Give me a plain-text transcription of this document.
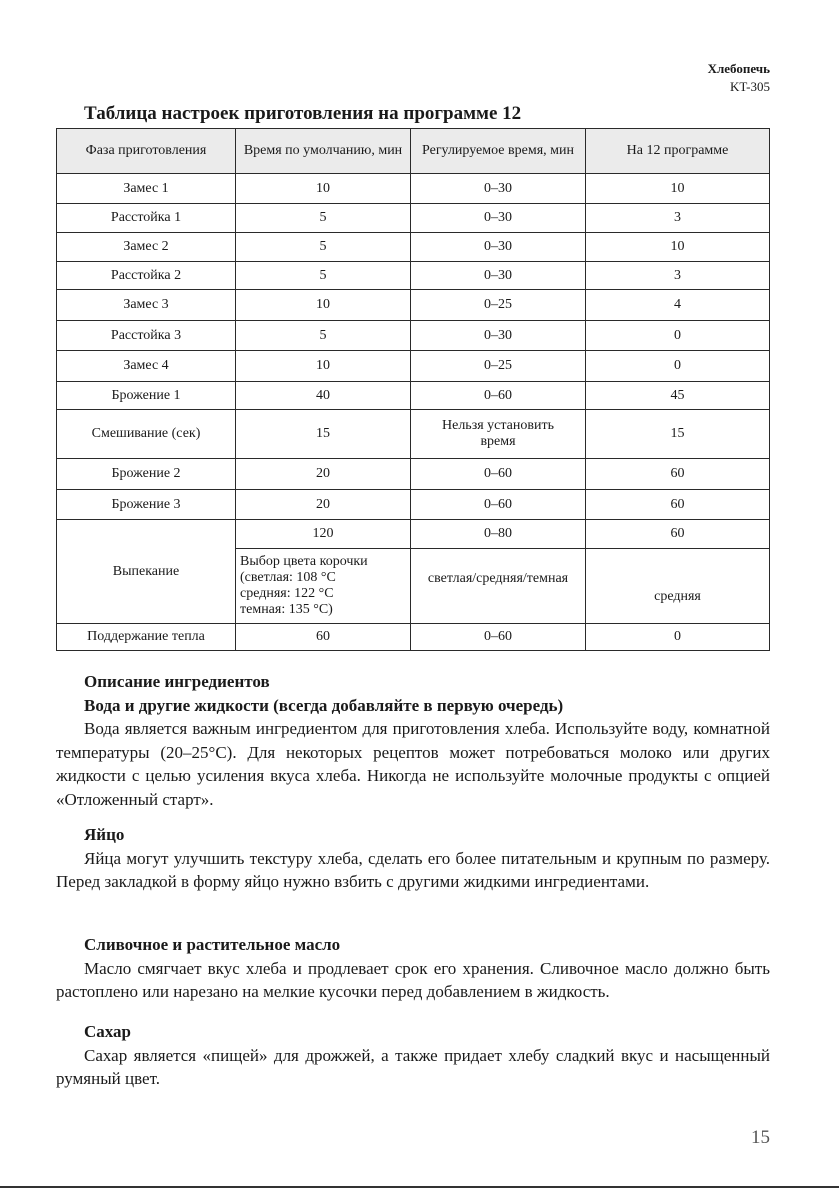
Хлебопечь
KT-305
Таблица настроек приготовления на программе 12
Фаза приготовления	Время по умолчанию, мин	Регулируемое время, мин	На 12 программе
Замес 1	10	0–30	10
Расстойка 1	5	0–30	3
Замес 2	5	0–30	10
Расстойка 2	5	0–30	3
Замес 3	10	0–25	4
Расстойка 3	5	0–30	0
Замес 4	10	0–25	0
Брожение 1	40	0–60	45
Смешивание (сек)	15	Нельзя установить время	15
Брожение 2	20	0–60	60
Брожение 3	20	0–60	60
Выпекание	120	0–80	60

	Выбор цвета корочки
(светлая: 108 °С
средняя: 122 °С
темная: 135 °С)	светлая/средняя/темная	средняя
Поддержание тепла	60	0–60	0
Описание ингредиентов
Вода и другие жидкости (всегда добавляйте в первую очередь)

Вода является важным ингредиентом для приготовления хлеба. Используйте воду, комнатной температуры (20–25°С). Для некоторых рецептов может потребоваться молоко или других жидкости с целью усиления вкуса хлеба. Никогда не используйте молочные продукты с опцией «Отложенный старт».

Яйцо

Яйца могут улучшить текстуру хлеба, сделать его более питательным и крупным по размеру. Перед закладкой в форму яйцо нужно взбить с другими жидкими ингредиентами.

Сливочное и растительное масло

Масло смягчает вкус хлеба и продлевает срок его хранения. Сливочное масло должно быть растоплено или нарезано на мелкие кусочки перед добавлением в жидкость.

Сахар

Сахар является «пищей» для дрожжей, а также придает хлебу сладкий вкус и насыщенный румяный цвет.

15
